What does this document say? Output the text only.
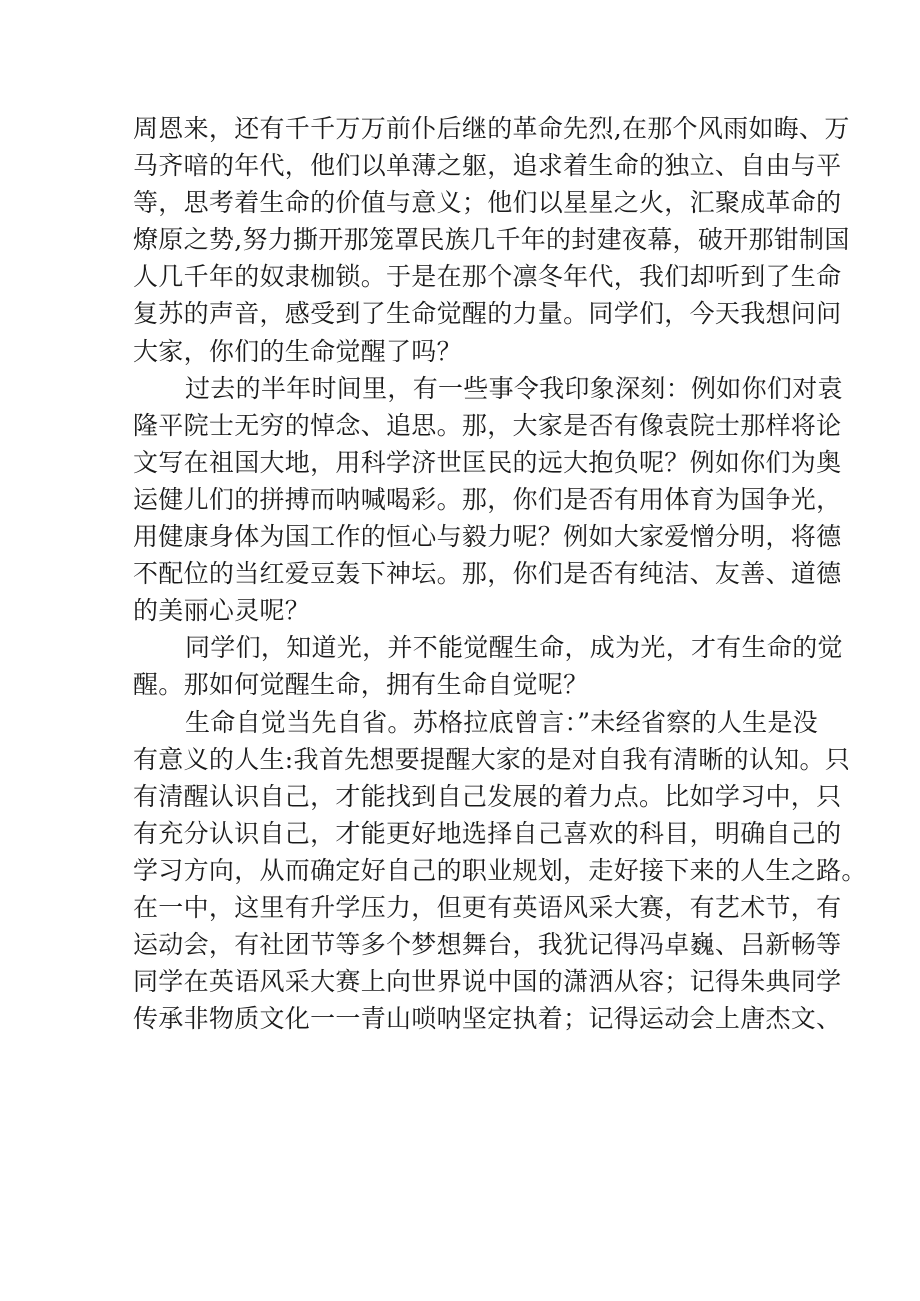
周恩来，还有千千万万前仆后继的革命先烈,在那个风雨如晦、万
马齐喑的年代，他们以单薄之躯，追求着生命的独立、自由与平
等，思考着生命的价值与意义；他们以星星之火，汇聚成革命的
燎原之势,努力撕开那笼罩民族几千年的封建夜幕，破开那钳制国
人几千年的奴隶枷锁。于是在那个凛冬年代，我们却听到了生命
复苏的声音，感受到了生命觉醒的力量。同学们，今天我想问问
大家，你们的生命觉醒了吗？
过去的半年时间里，有一些事令我印象深刻：例如你们对袁
隆平院士无穷的悼念、追思。那，大家是否有像袁院士那样将论
文写在祖国大地，用科学济世匡民的远大抱负呢？例如你们为奥
运健儿们的拼搏而呐喊喝彩。那，你们是否有用体育为国争光，
用健康身体为国工作的恒心与毅力呢？例如大家爱憎分明，将德
不配位的当红爱豆轰下神坛。那，你们是否有纯洁、友善、道德
的美丽心灵呢？
同学们，知道光，并不能觉醒生命，成为光，才有生命的觉
醒。那如何觉醒生命，拥有生命自觉呢？
生命自觉当先自省。苏格拉底曾言：”未经省察的人生是没
有意义的人生:我首先想要提醒大家的是对自我有清晰的认知。只
有清醒认识自己，才能找到自己发展的着力点。比如学习中，只
有充分认识自己，才能更好地选择自己喜欢的科目，明确自己的
学习方向，从而确定好自己的职业规划，走好接下来的人生之路。
在一中，这里有升学压力，但更有英语风采大赛，有艺术节，有
运动会，有社团节等多个梦想舞台，我犹记得冯卓巍、吕新畅等
同学在英语风采大赛上向世界说中国的潇洒从容；记得朱典同学
传承非物质文化一一青山唢呐坚定执着；记得运动会上唐杰文、
